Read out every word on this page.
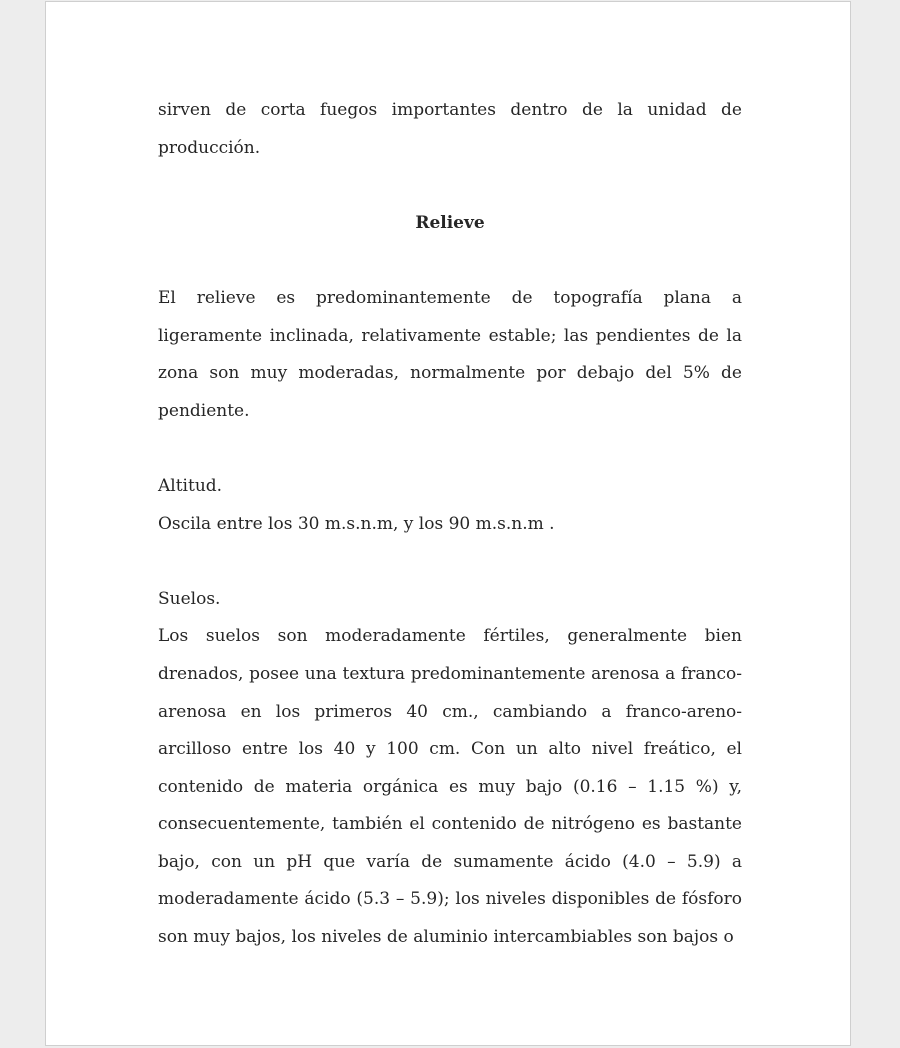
sirven de corta fuegos importantes dentro de la unidad de producción.

Relieve

El relieve es predominantemente de topografía plana a ligeramente inclinada, relativamente estable; las pendientes de la zona son muy moderadas, normalmente por debajo del 5% de pendiente.

Altitud.

Oscila entre los 30 m.s.n.m, y los 90 m.s.n.m .

Suelos.

Los suelos son moderadamente fértiles, generalmente bien drenados, posee una textura predominantemente arenosa a franco-arenosa en los primeros 40 cm., cambiando a franco-areno-arcilloso entre los 40 y 100 cm. Con un alto nivel freático, el contenido de materia orgánica es muy bajo (0.16 – 1.15 %) y, consecuentemente, también el contenido de nitrógeno es bastante bajo, con un pH que varía de sumamente ácido (4.0 – 5.9) a moderadamente ácido (5.3 – 5.9); los niveles disponibles de fósforo son muy bajos, los niveles de aluminio intercambiables son bajos o
